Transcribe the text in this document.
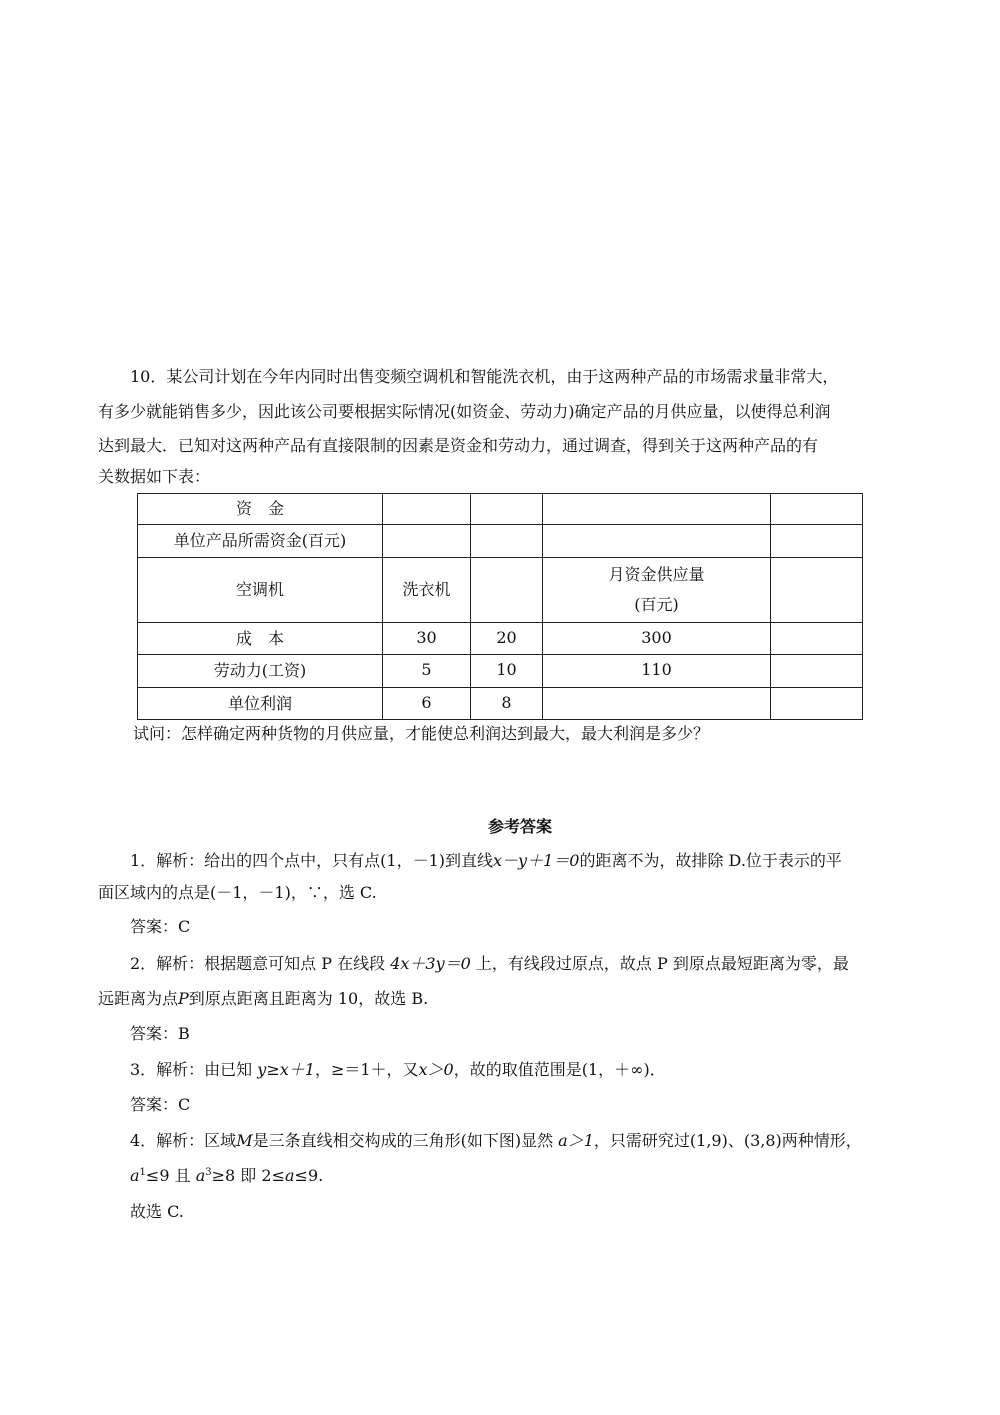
10．某公司计划在今年内同时出售变频空调机和智能洗衣机，由于这两种产品的市场需求量非常大，
有多少就能销售多少，因此该公司要根据实际情况(如资金、劳动力)确定产品的月供应量，以使得总利润
达到最大．已知对这两种产品有直接限制的因素是资金和劳动力，通过调查，得到关于这两种产品的有
关数据如下表：
资　金				
单位产品所需资金(百元)				
空调机	洗衣机		月资金供应量
(百元)	

成　本	30	20	300	
劳动力(工资)	5	10	110	
单位利润	6	8		
试问：怎样确定两种货物的月供应量，才能使总利润达到最大，最大利润是多少？
参考答案
1．解析：给出的四个点中，只有点(1，－1)到直线x－y＋1＝0的距离不为，故排除 D.位于表示的平
面区域内的点是(－1，－1)，∵，选 C.
答案：C
2．解析：根据题意可知点 P 在线段 4x＋3y＝0 上，有线段过原点，故点 P 到原点最短距离为零，最
远距离为点P到原点距离且距离为 10，故选 B.
答案：B
3．解析：由已知 y≥x＋1，≥＝1＋，又x＞0，故的取值范围是(1，＋∞)．
答案：C
4．解析：区域M是三条直线相交构成的三角形(如下图)显然 a＞1，只需研究过(1,9)、(3,8)两种情形，
$a^1\le 9$ 且 $a^3\ge 8$ 即 2≤a≤9.
故选 C.
